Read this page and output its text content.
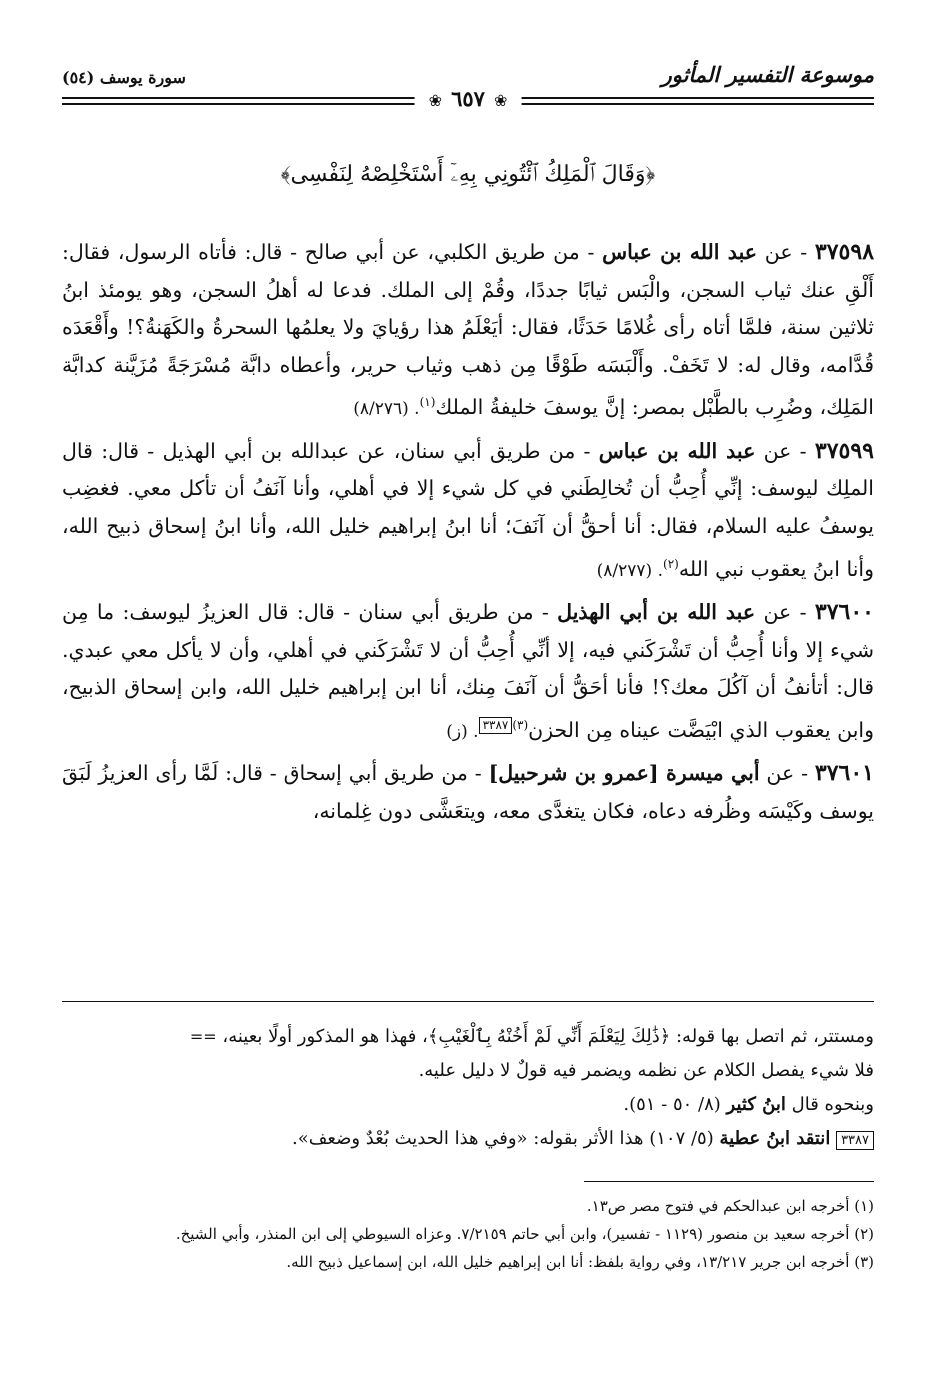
موسوعة التفسير المأثور
سورة يوسف (٥٤)
❀ ٦٥٧ ❀
﴿وَقَالَ ٱلْمَلِكُ ٱئْتُونِي بِهِۦٓ أَسْتَخْلِصْهُ لِنَفْسِى﴾

٣٧٥٩٨ - عن عبد الله بن عباس - من طريق الكلبي، عن أبي صالح - قال: فأتاه الرسول، فقال: أَلْقِ عنك ثياب السجن، والْبَس ثيابًا جددًا، وقُمْ إلى الملك. فدعا له أهلُ السجن، وهو يومئذ ابنُ ثلاثين سنة، فلمَّا أتاه رأى غُلامًا حَدَثًا، فقال: أيَعْلَمُ هذا رؤيايَ ولا يعلمُها السحرةُ والكَهَنةُ؟! وأَقْعَدَه قُدَّامه، وقال له: لا تَخَفْ. وأَلْبَسَه طَوْقًا مِن ذهب وثياب حرير، وأعطاه دابَّة مُسْرَجَةً مُزَيَّنة كدابَّة المَلِك، وضُرِب بالطَّبْل بمصر: إنَّ يوسفَ خليفةُ الملك$^{(١)}$. (٨/٢٧٦)

٣٧٥٩٩ - عن عبد الله بن عباس - من طريق أبي سنان، عن عبدالله بن أبي الهذيل - قال: قال الملِك ليوسف: إنِّي أُحِبُّ أن تُخالِطَني في كل شيء إلا في أهلي، وأنا آنَفُ أن تأكل معي. فغضِب يوسفُ عليه السلام، فقال: أنا أحقُّ أن آنَفَ؛ أنا ابنُ إبراهيم خليل الله، وأنا ابنُ إسحاق ذبيح الله، وأنا ابنُ يعقوب نبي الله$^{(٢)}$. (٨/٢٧٧)

٣٧٦٠٠ - عن عبد الله بن أبي الهذيل - من طريق أبي سنان - قال: قال العزيزُ ليوسف: ما مِن شيء إلا وأنا أُحِبُّ أن تَشْرَكَني فيه، إلا أنِّي أُحِبُّ أن لا تَشْرَكَني في أهلي، وأن لا يأكل معي عبدي. قال: أتأنفُ أن آكُلَ معك؟! فأنا أحَقُّ أن آنَفَ مِنك، أنا ابن إبراهيم خليل الله، وابن إسحاق الذبيح، وابن يعقوب الذي ابْيَضَّت عيناه مِن الحزن$^{(٣)}$٣٣٨٧. (ز)

٣٧٦٠١ - عن أبي ميسرة [عمرو بن شرحبيل] - من طريق أبي إسحاق - قال: لَمَّا رأى العزيزُ لَبَقَ يوسف وكَيْسَه وظُرفه دعاه، فكان يتغدَّى معه، ويتعَشَّى دون غِلمانه،

ومستتر، ثم اتصل بها قوله: ﴿ذَٰلِكَ لِيَعْلَمَ أَنِّي لَمْ أَخُنْهُ بِٱلْغَيْبِ﴾، فهذا هو المذكور أولًا بعينه، ==
فلا شيء يفصل الكلام عن نظمه ويضمر فيه قولٌ لا دليل عليه.
وبنحوه قال ابنُ كثير (٨/ ٥٠ - ٥١).
٣٣٨٧ انتقد ابنُ عطية (٥/ ١٠٧) هذا الأثر بقوله: «وفي هذا الحديث بُعْدٌ وضعف».
(١) أخرجه ابن عبدالحكم في فتوح مصر ص١٣.
(٢) أخرجه سعيد بن منصور (١١٢٩ - تفسير)، وابن أبي حاتم ٧/٢١٥٩. وعزاه السيوطي إلى ابن المنذر، وأبي الشيخ.
(٣) أخرجه ابن جرير ١٣/٢١٧، وفي رواية بلفظ: أنا ابن إبراهيم خليل الله، ابن إسماعيل ذبيح الله.
